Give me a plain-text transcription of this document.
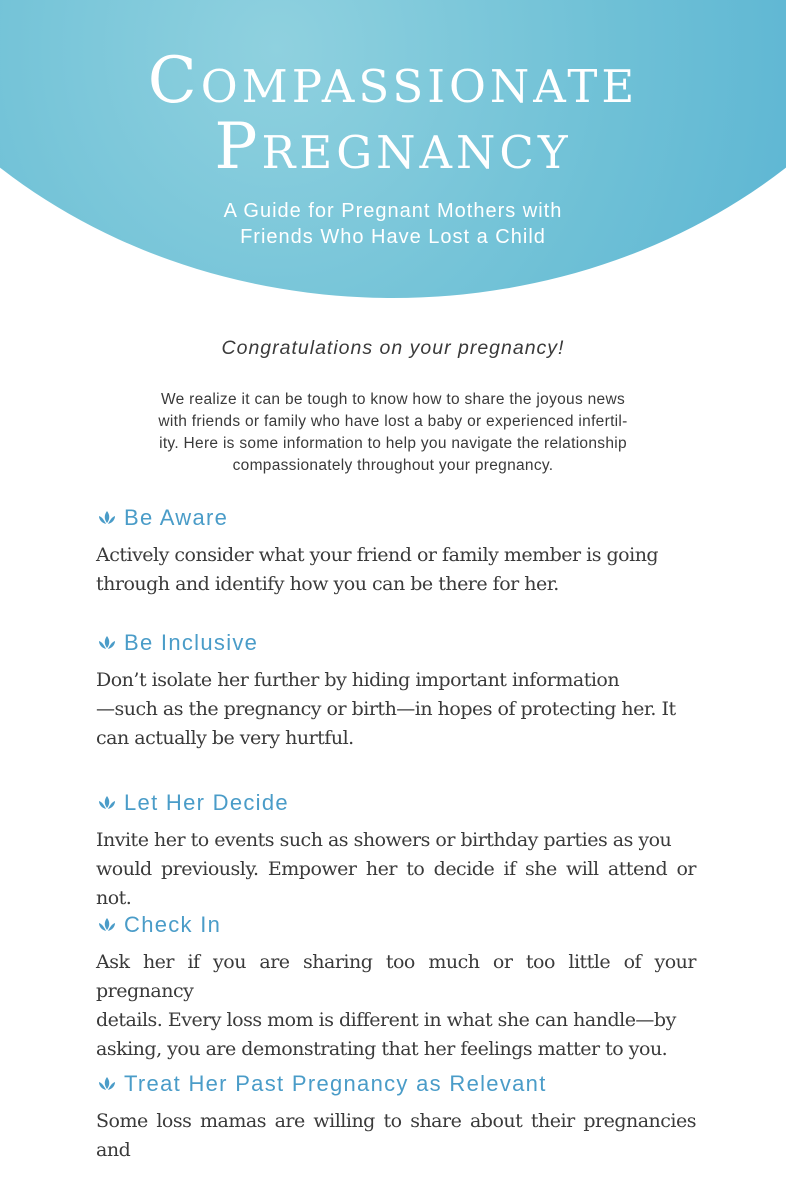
Compassionate
Pregnancy
A Guide for Pregnant Mothers with
Friends Who Have Lost a Child
Congratulations on your pregnancy!
We realize it can be tough to know how to share the joyous news
with friends or family who have lost a baby or experienced infertil-
ity. Here is some information to help you navigate the relationship
compassionately throughout your pregnancy.
Be Aware
Actively consider what your friend or family member is going
through and identify how you can be there for her.
Be Inclusive
Don’t isolate her further by hiding important information
—such as the pregnancy or birth—in hopes of protecting her. It
can actually be very hurtful.
Let Her Decide
Invite her to events such as showers or birthday parties as you
would previously. Empower her to decide if she will attend or not.
Check In
Ask her if you are sharing too much or too little of your pregnancy
details. Every loss mom is different in what she can handle—by
asking, you are demonstrating that her feelings matter to you.
Treat Her Past Pregnancy as Relevant
Some loss mamas are willing to share about their pregnancies and
